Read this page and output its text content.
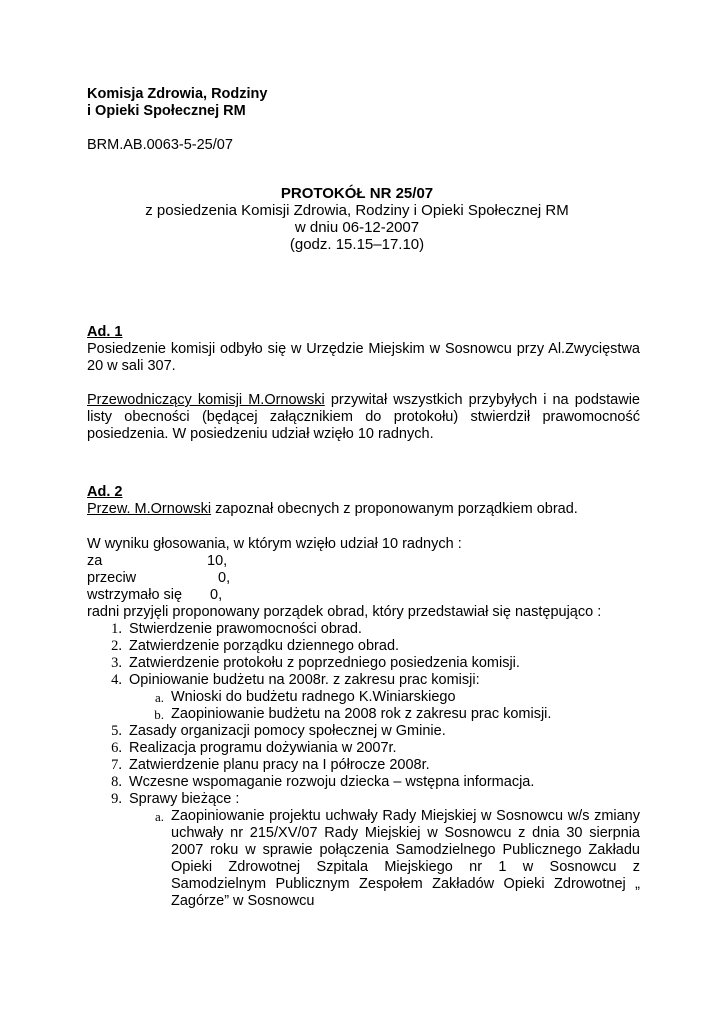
Komisja Zdrowia, Rodziny
i Opieki Społecznej RM
BRM.AB.0063-5-25/07
PROTOKÓŁ NR 25/07
z posiedzenia Komisji Zdrowia, Rodziny i Opieki Społecznej RM
w dniu 06-12-2007
(godz. 15.15–17.10)
Ad. 1
Posiedzenie komisji odbyło się w Urzędzie Miejskim w Sosnowcu przy Al.Zwycięstwa 20 w sali 307.
Przewodniczący komisji M.Ornowski przywitał wszystkich przybyłych i na podstawie listy obecności (będącej załącznikiem do protokołu) stwierdził prawomocność posiedzenia. W posiedzeniu udział wzięło 10 radnych.
Ad. 2
Przew. M.Ornowski zapoznał obecnych z proponowanym porządkiem obrad.
W wyniku głosowania, w którym wzięło udział 10 radnych :
za	10,
przeciw	0,
wstrzymało się	0,
radni przyjęli proponowany porządek obrad, który przedstawiał się następująco :
1. Stwierdzenie prawomocności obrad.
2. Zatwierdzenie porządku dziennego obrad.
3. Zatwierdzenie protokołu z poprzedniego posiedzenia komisji.
4. Opiniowanie budżetu na 2008r. z zakresu prac komisji:
a. Wnioski do budżetu radnego K.Winiarskiego
b. Zaopiniowanie budżetu na 2008 rok z zakresu prac komisji.
5. Zasady organizacji pomocy społecznej w Gminie.
6. Realizacja programu dożywiania w 2007r.
7. Zatwierdzenie planu pracy na I półrocze 2008r.
8. Wczesne wspomaganie rozwoju dziecka – wstępna informacja.
9. Sprawy bieżące :
a. Zaopiniowanie projektu uchwały Rady Miejskiej w Sosnowcu w/s zmiany uchwały nr 215/XV/07 Rady Miejskiej w Sosnowcu z dnia 30 sierpnia 2007 roku w sprawie połączenia Samodzielnego Publicznego Zakładu Opieki Zdrowotnej Szpitala Miejskiego nr 1 w Sosnowcu z Samodzielnym Publicznym Zespołem Zakładów Opieki Zdrowotnej „ Zagórze” w Sosnowcu
